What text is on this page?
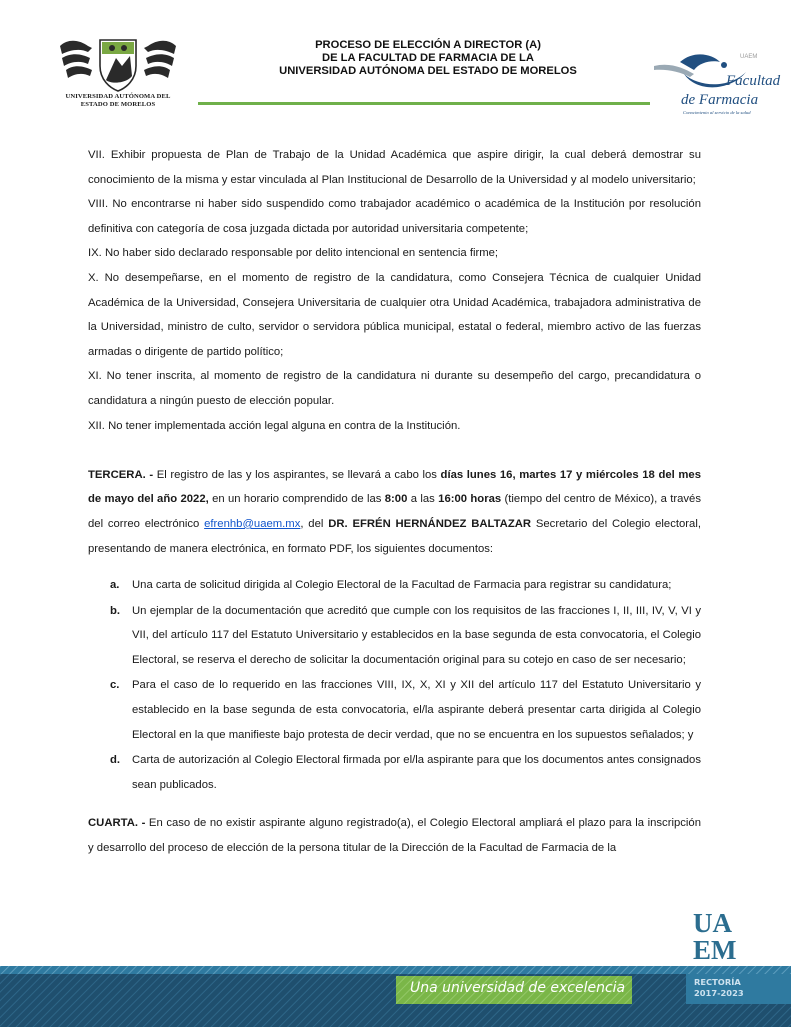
UNIVERSIDAD AUTÓNOMA DEL
ESTADO DE MORELOS
PROCESO DE ELECCIÓN A DIRECTOR (A)
DE LA FACULTAD DE FARMACIA DE LA
UNIVERSIDAD AUTÓNOMA DEL ESTADO DE MORELOS
UAEM
Facultad
de Farmacia
Conocimiento al servicio de la salud

VII. Exhibir propuesta de Plan de Trabajo de la Unidad Académica que aspire dirigir, la cual deberá demostrar su conocimiento de la misma y estar vinculada al Plan Institucional de Desarrollo de la Universidad y al modelo universitario;

VIII. No encontrarse ni haber sido suspendido como trabajador académico o académica de la Institución por resolución definitiva con categoría de cosa juzgada dictada por autoridad universitaria competente;

IX. No haber sido declarado responsable por delito intencional en sentencia firme;

X. No desempeñarse, en el momento de registro de la candidatura, como Consejera Técnica de cualquier Unidad Académica de la Universidad, Consejera Universitaria de cualquier otra Unidad Académica, trabajadora administrativa de la Universidad, ministro de culto, servidor o servidora pública municipal, estatal o federal, miembro activo de las fuerzas armadas o dirigente de partido político;

XI. No tener inscrita, al momento de registro de la candidatura ni durante su desempeño del cargo, precandidatura o candidatura a ningún puesto de elección popular.

XII. No tener implementada acción legal alguna en contra de la Institución.

TERCERA. - El registro de las y los aspirantes, se llevará a cabo los días lunes 16, martes 17 y miércoles 18 del mes de mayo del año 2022, en un horario comprendido de las 8:00 a las 16:00 horas (tiempo del centro de México), a través del correo electrónico efrenhb@uaem.mx, del DR. EFRÉN HERNÁNDEZ BALTAZAR Secretario del Colegio electoral, presentando de manera electrónica, en formato PDF, los siguientes documentos:

a. Una carta de solicitud dirigida al Colegio Electoral de la Facultad de Farmacia para registrar su candidatura;
b. Un ejemplar de la documentación que acreditó que cumple con los requisitos de las fracciones I, II, III, IV, V, VI y VII, del artículo 117 del Estatuto Universitario y establecidos en la base segunda de esta convocatoria, el Colegio Electoral, se reserva el derecho de solicitar la documentación original para su cotejo en caso de ser necesario;
c. Para el caso de lo requerido en las fracciones VIII, IX, X, XI y XII del artículo 117 del Estatuto Universitario y establecido en la base segunda de esta convocatoria, el/la aspirante deberá presentar carta dirigida al Colegio Electoral en la que manifieste bajo protesta de decir verdad, que no se encuentra en los supuestos señalados; y
d. Carta de autorización al Colegio Electoral firmada por el/la aspirante para que los documentos antes consignados sean publicados.

CUARTA. - En caso de no existir aspirante alguno registrado(a), el Colegio Electoral ampliará el plazo para la inscripción y desarrollo del proceso de elección de la persona titular de la Dirección de la Facultad de Farmacia de la

UA
EM
Una universidad de excelencia	RECTORÍA
2017-2023
